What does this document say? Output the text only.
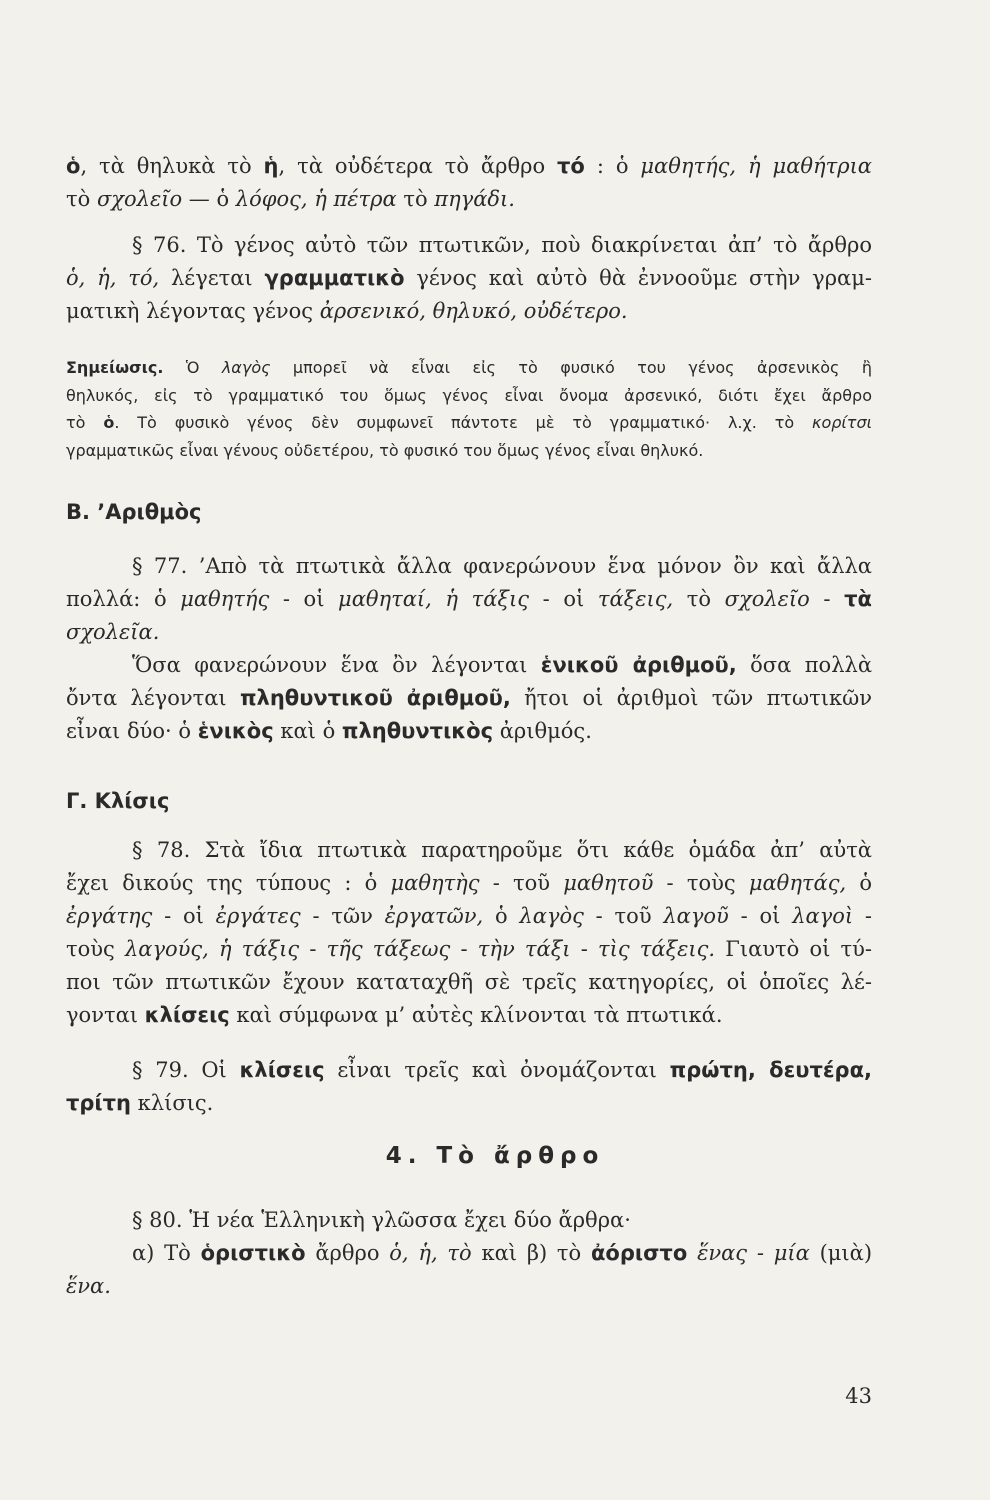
ὁ, τὰ θηλυκὰ τὸ ἡ, τὰ οὐδέτερα τὸ ἄρθρο τό : ὁ μαθητής, ἡ μαθήτρια
τὸ σχολεῖο — ὁ λόφος, ἡ πέτρα τὸ πηγάδι.
§ 76. Τὸ γένος αὐτὸ τῶν πτωτικῶν, ποὺ διακρίνεται ἀπ’ τὸ ἄρθρο
ὁ, ἡ, τό, λέγεται γραμματικὸ γένος καὶ αὐτὸ θὰ ἐννοοῦμε στὴν γραμ-
ματικὴ λέγοντας γένος ἀρσενικό, θηλυκό, οὐδέτερο.
Σημείωσις. Ὁ λαγὸς μπορεῖ νὰ εἶναι εἰς τὸ φυσικό του γένος ἀρσενικὸς ἢ
θηλυκός, εἰς τὸ γραμματικό του ὅμως γένος εἶναι ὄνομα ἀρσενικό, διότι ἔχει ἄρθρο
τὸ ὁ. Τὸ φυσικὸ γένος δὲν συμφωνεῖ πάντοτε μὲ τὸ γραμματικό· λ.χ. τὸ κορίτσι
γραμματικῶς εἶναι γένους οὐδετέρου, τὸ φυσικό του ὅμως γένος εἶναι θηλυκό.
Β. ’Αριθμὸς
§ 77. ’Απὸ τὰ πτωτικὰ ἄλλα φανερώνουν ἕνα μόνον ὂν καὶ ἄλλα
πολλά: ὁ μαθητής - οἱ μαθηταί, ἡ τάξις - οἱ τάξεις, τὸ σχολεῖο - τὰ
σχολεῖα.
Ὅσα φανερώνουν ἕνα ὂν λέγονται ἑνικοῦ ἀριθμοῦ, ὅσα πολλὰ
ὄντα λέγονται πληθυντικοῦ ἀριθμοῦ, ἤτοι οἱ ἀριθμοὶ τῶν πτωτικῶν
εἶναι δύο· ὁ ἑνικὸς καὶ ὁ πληθυντικὸς ἀριθμός.
Γ. Κλίσις
§ 78. Στὰ ἴδια πτωτικὰ παρατηροῦμε ὅτι κάθε ὁμάδα ἀπ’ αὐτὰ
ἔχει δικούς της τύπους : ὁ μαθητὴς - τοῦ μαθητοῦ - τοὺς μαθητάς, ὁ
ἐργάτης - οἱ ἐργάτες - τῶν ἐργατῶν, ὁ λαγὸς - τοῦ λαγοῦ - οἱ λαγοὶ -
τοὺς λαγούς, ἡ τάξις - τῆς τάξεως - τὴν τάξι - τὶς τάξεις. Γιαυτὸ οἱ τύ-
ποι τῶν πτωτικῶν ἔχουν καταταχθῆ σὲ τρεῖς κατηγορίες, οἱ ὁποῖες λέ-
γονται κλίσεις καὶ σύμφωνα μ’ αὐτὲς κλίνονται τὰ πτωτικά.
§ 79. Οἱ κλίσεις εἶναι τρεῖς καὶ ὀνομάζονται πρώτη, δευτέρα,
τρίτη κλίσις.
4. Τὸ ἄρθρο
§ 80. Ἡ νέα Ἑλληνικὴ γλῶσσα ἔχει δύο ἄρθρα·
α) Τὸ ὁριστικὸ ἄρθρο ὁ, ἡ, τὸ καὶ β) τὸ ἀόριστο ἕνας - μία (μιὰ)
ἕνα.
43
